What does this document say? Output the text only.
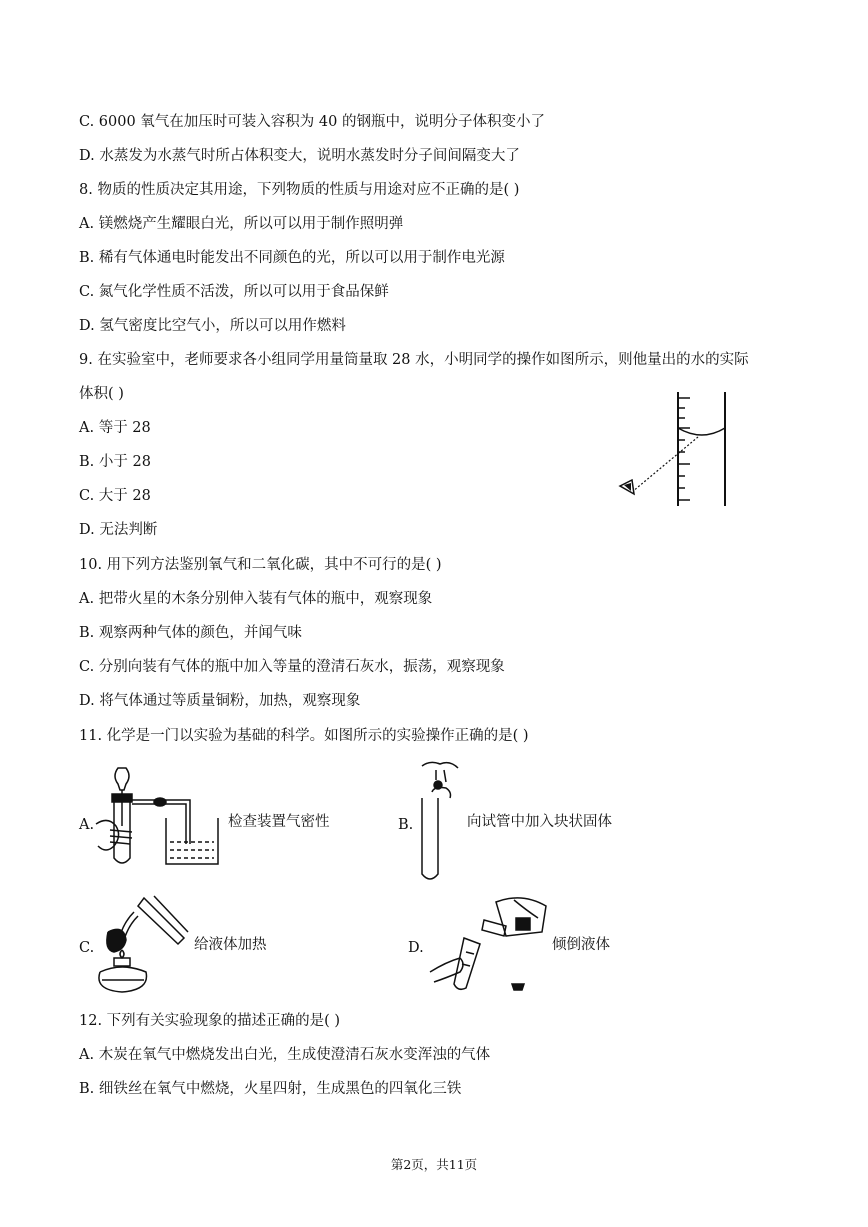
C. 6000 氧气在加压时可装入容积为 40 的钢瓶中，说明分子体积变小了
D. 水蒸发为水蒸气时所占体积变大，说明水蒸发时分子间间隔变大了
8. 物质的性质决定其用途，下列物质的性质与用途对应不正确的是( )
A. 镁燃烧产生耀眼白光，所以可以用于制作照明弹
B. 稀有气体通电时能发出不同颜色的光，所以可以用于制作电光源
C. 氮气化学性质不活泼，所以可以用于食品保鲜
D. 氢气密度比空气小，所以可以用作燃料
9. 在实验室中，老师要求各小组同学用量筒量取 28 水，小明同学的操作如图所示，则他量出的水的实际
体积( )
A. 等于 28
B. 小于 28
C. 大于 28
D. 无法判断
10. 用下列方法鉴别氧气和二氧化碳，其中不可行的是( )
A. 把带火星的木条分别伸入装有气体的瓶中，观察现象
B. 观察两种气体的颜色，并闻气味
C. 分别向装有气体的瓶中加入等量的澄清石灰水，振荡，观察现象
D. 将气体通过等质量铜粉，加热，观察现象
11. 化学是一门以实验为基础的科学。如图所示的实验操作正确的是( )
12. 下列有关实验现象的描述正确的是( )
A. 木炭在氧气中燃烧发出白光，生成使澄清石灰水变浑浊的气体
B. 细铁丝在氧气中燃烧，火星四射，生成黑色的四氧化三铁
A.	检查装置气密性	B.	向试管中加入块状固体
C.	给液体加热	D.	倾倒液体
第2页，共11页
